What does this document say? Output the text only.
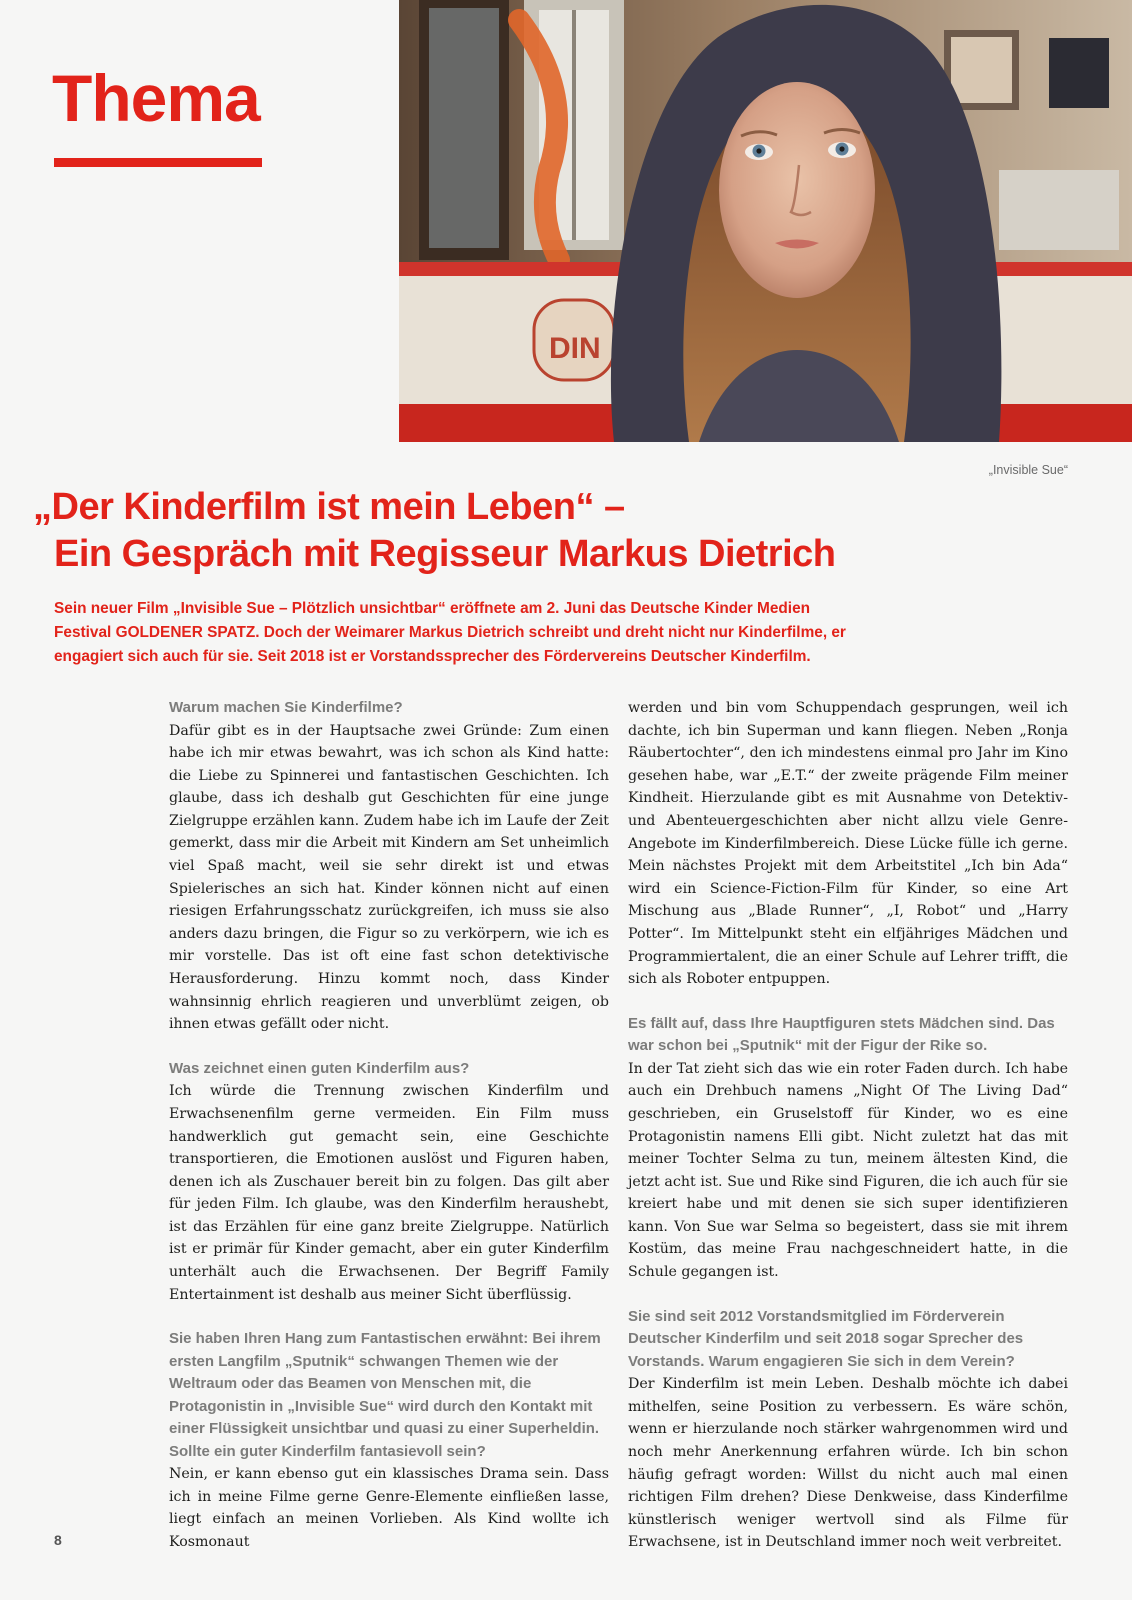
Thema
DIN
„Invisible Sue“
„Der Kinderfilm ist mein Leben“ –
Ein Gespräch mit Regisseur Markus Dietrich

Sein neuer Film „Invisible Sue – Plötzlich unsichtbar“ eröffnete am 2. Juni das Deutsche Kinder Medien Festival GOLDENER SPATZ. Doch der Weimarer Markus Dietrich schreibt und dreht nicht nur Kinderfilme, er engagiert sich auch für sie. Seit 2018 ist er Vorstandssprecher des Fördervereins Deutscher Kinderfilm.

Warum machen Sie Kinderfilme?

Dafür gibt es in der Hauptsache zwei Gründe: Zum einen habe ich mir etwas bewahrt, was ich schon als Kind hatte: die Liebe zu Spinnerei und fantastischen Geschichten. Ich glaube, dass ich deshalb gut Geschichten für eine junge Zielgruppe erzählen kann. Zudem habe ich im Laufe der Zeit gemerkt, dass mir die Arbeit mit Kindern am Set unheimlich viel Spaß macht, weil sie sehr direkt ist und etwas Spielerisches an sich hat. Kinder können nicht auf einen riesigen Erfahrungsschatz zurückgreifen, ich muss sie also anders dazu bringen, die Figur so zu verkörpern, wie ich es mir vorstelle. Das ist oft eine fast schon detektivische Herausforderung. Hinzu kommt noch, dass Kinder wahnsinnig ehrlich reagieren und unverblümt zeigen, ob ihnen etwas gefällt oder nicht.

Was zeichnet einen guten Kinderfilm aus?

Ich würde die Trennung zwischen Kinderfilm und Erwachsenenfilm gerne vermeiden. Ein Film muss handwerklich gut gemacht sein, eine Geschichte transportieren, die Emotionen auslöst und Figuren haben, denen ich als Zuschauer bereit bin zu folgen. Das gilt aber für jeden Film. Ich glaube, was den Kinderfilm heraushebt, ist das Erzählen für eine ganz breite Zielgruppe. Natürlich ist er primär für Kinder gemacht, aber ein guter Kinderfilm unterhält auch die Erwachsenen. Der Begriff Family Entertainment ist deshalb aus meiner Sicht überflüssig.

Sie haben Ihren Hang zum Fantastischen erwähnt: Bei ihrem ersten Langfilm „Sputnik“ schwangen Themen wie der Weltraum oder das Beamen von Menschen mit, die Protagonistin in „Invisible Sue“ wird durch den Kontakt mit einer Flüssigkeit unsichtbar und quasi zu einer Superheldin. Sollte ein guter Kinderfilm fantasievoll sein?

Nein, er kann ebenso gut ein klassisches Drama sein. Dass ich in meine Filme gerne Genre-Elemente einfließen lasse, liegt einfach an meinen Vorlieben. Als Kind wollte ich Kosmonaut

werden und bin vom Schuppendach gesprungen, weil ich dachte, ich bin Superman und kann fliegen. Neben „Ronja Räubertochter“, den ich mindestens einmal pro Jahr im Kino gesehen habe, war „E.T.“ der zweite prägende Film meiner Kindheit. Hierzulande gibt es mit Ausnahme von Detektiv- und Abenteuergeschichten aber nicht allzu viele Genre-Angebote im Kinderfilmbereich. Diese Lücke fülle ich gerne. Mein nächstes Projekt mit dem Arbeitstitel „Ich bin Ada“ wird ein Science-Fiction-Film für Kinder, so eine Art Mischung aus „Blade Runner“, „I, Robot“ und „Harry Potter“. Im Mittelpunkt steht ein elfjähriges Mädchen und Programmiertalent, die an einer Schule auf Lehrer trifft, die sich als Roboter entpuppen.

Es fällt auf, dass Ihre Hauptfiguren stets Mädchen sind. Das war schon bei „Sputnik“ mit der Figur der Rike so.

In der Tat zieht sich das wie ein roter Faden durch. Ich habe auch ein Drehbuch namens „Night Of The Living Dad“ geschrieben, ein Gruselstoff für Kinder, wo es eine Protagonistin namens Elli gibt. Nicht zuletzt hat das mit meiner Tochter Selma zu tun, meinem ältesten Kind, die jetzt acht ist. Sue und Rike sind Figuren, die ich auch für sie kreiert habe und mit denen sie sich super identifizieren kann. Von Sue war Selma so begeistert, dass sie mit ihrem Kostüm, das meine Frau nachgeschneidert hatte, in die Schule gegangen ist.

Sie sind seit 2012 Vorstandsmitglied im Förderverein Deutscher Kinderfilm und seit 2018 sogar Sprecher des Vorstands. Warum engagieren Sie sich in dem Verein?

Der Kinderfilm ist mein Leben. Deshalb möchte ich dabei mithelfen, seine Position zu verbessern. Es wäre schön, wenn er hierzulande noch stärker wahrgenommen wird und noch mehr Anerkennung erfahren würde. Ich bin schon häufig gefragt worden: Willst du nicht auch mal einen richtigen Film drehen? Diese Denkweise, dass Kinderfilme künstlerisch weniger wertvoll sind als Filme für Erwachsene, ist in Deutschland immer noch weit verbreitet.

8
